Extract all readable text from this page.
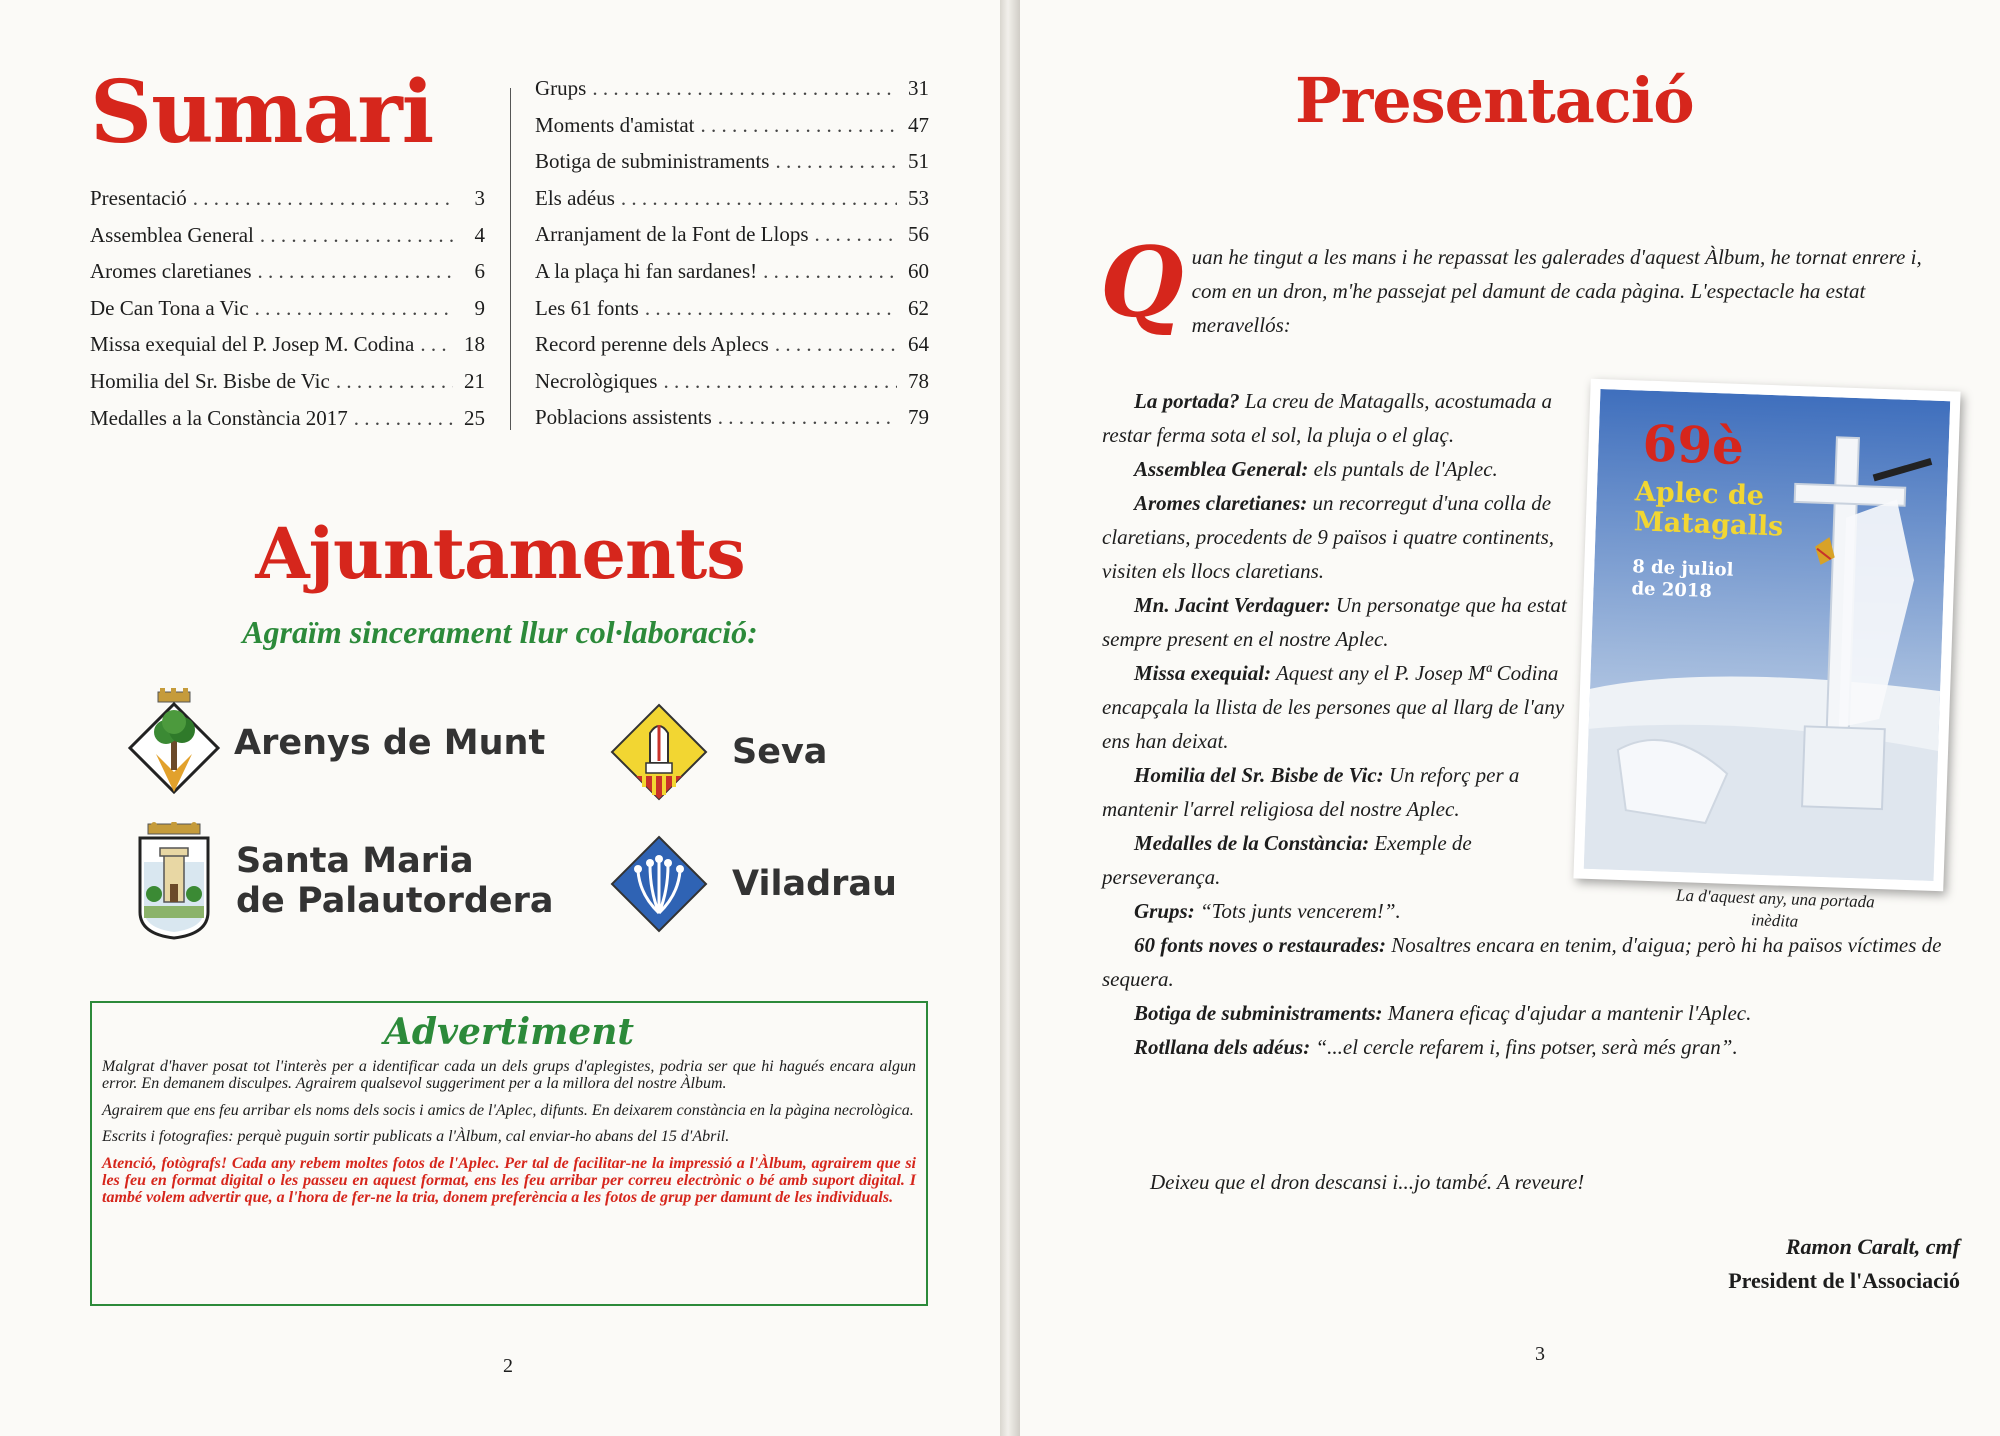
Sumari
Presentació . . .	3
Assemblea General . . .	4
Aromes claretianes . . .	6
De Can Tona a Vic . . .	9
Missa exequial del P. Josep M. Codina . . . 18
Homilia del Sr. Bisbe de Vic . . .	21
Medalles a la Constància 2017 . . .	25
Grups . . .	31
Moments d'amistat . . .	47
Botiga de subministraments . . .	51
Els adéus . . .	53
Arranjament de la Font de Llops . . .	56
A la plaça hi fan sardanes! . . .	60
Les 61 fonts . . .	62
Record perenne dels Aplecs . . .	64
Necrològiques . . .	78
Poblacions assistents . . .	79
Ajuntaments

Agraïm sincerament llur col·laboració:

Arenys de Munt	Seva
Santa Maria
de Palautordera	Viladrau
Advertiment

Malgrat d'haver posat tot l'interès per a identificar cada un dels grups d'aplegistes, podria ser que hi hagués encara algun error. En demanem disculpes. Agrairem qualsevol suggeriment per a la millora del nostre Àlbum.

Agrairem que ens feu arribar els noms dels socis i amics de l'Aplec, difunts. En deixarem constància en la pàgina necrològica.

Escrits i fotografies: perquè puguin sortir publicats a l'Àlbum, cal enviar-ho abans del 15 d'Abril.

Atenció, fotògrafs! Cada any rebem moltes fotos de l'Aplec. Per tal de facilitar-ne la impressió a l'Àlbum, agrairem que si les feu en format digital o les passeu en aquest format, ens les feu arribar per correu electrònic o bé amb suport digital. I també volem advertir que, a l'hora de fer-ne la tria, donem preferència a les fotos de grup per damunt de les individuals.

2
Presentació

Quan he tingut a les mans i he repassat les galerades d'aquest Àlbum, he tornat enrere i, com en un dron, m'he passejat pel damunt de cada pàgina. L'espectacle ha estat meravellós:

La portada? La creu de Matagalls, acostumada a restar ferma sota el sol, la pluja o el glaç.

Assemblea General: els puntals de l'Aplec.

Aromes claretianes: un recorregut d'una colla de claretians, procedents de 9 països i quatre continents, visiten els llocs claretians.

Mn. Jacint Verdaguer: Un personatge que ha estat sempre present en el nostre Aplec.

Missa exequial: Aquest any el P. Josep Mª Codina encapçala la llista de les persones que al llarg de l'any ens han deixat.

Homilia del Sr. Bisbe de Vic: Un reforç per a mantenir l'arrel religiosa del nostre Aplec.

Medalles de la Constància: Exemple de perseverança.

Grups: “Tots junts vencerem!”.

60 fonts noves o restaurades: Nosaltres encara en tenim, d'aigua; però hi ha països víctimes de sequera.

Botiga de subministraments: Manera eficaç d'ajudar a mantenir l'Aplec.

Rotllana dels adéus: “...el cercle refarem i, fins potser, serà més gran”.

69è
Aplec de
Matagalls
8 de juliol
de 2018

La d'aquest any, una portada inèdita

Deixeu que el dron descansi i...jo també. A reveure!

Ramon Caralt, cmf
President de l'Associació
3
